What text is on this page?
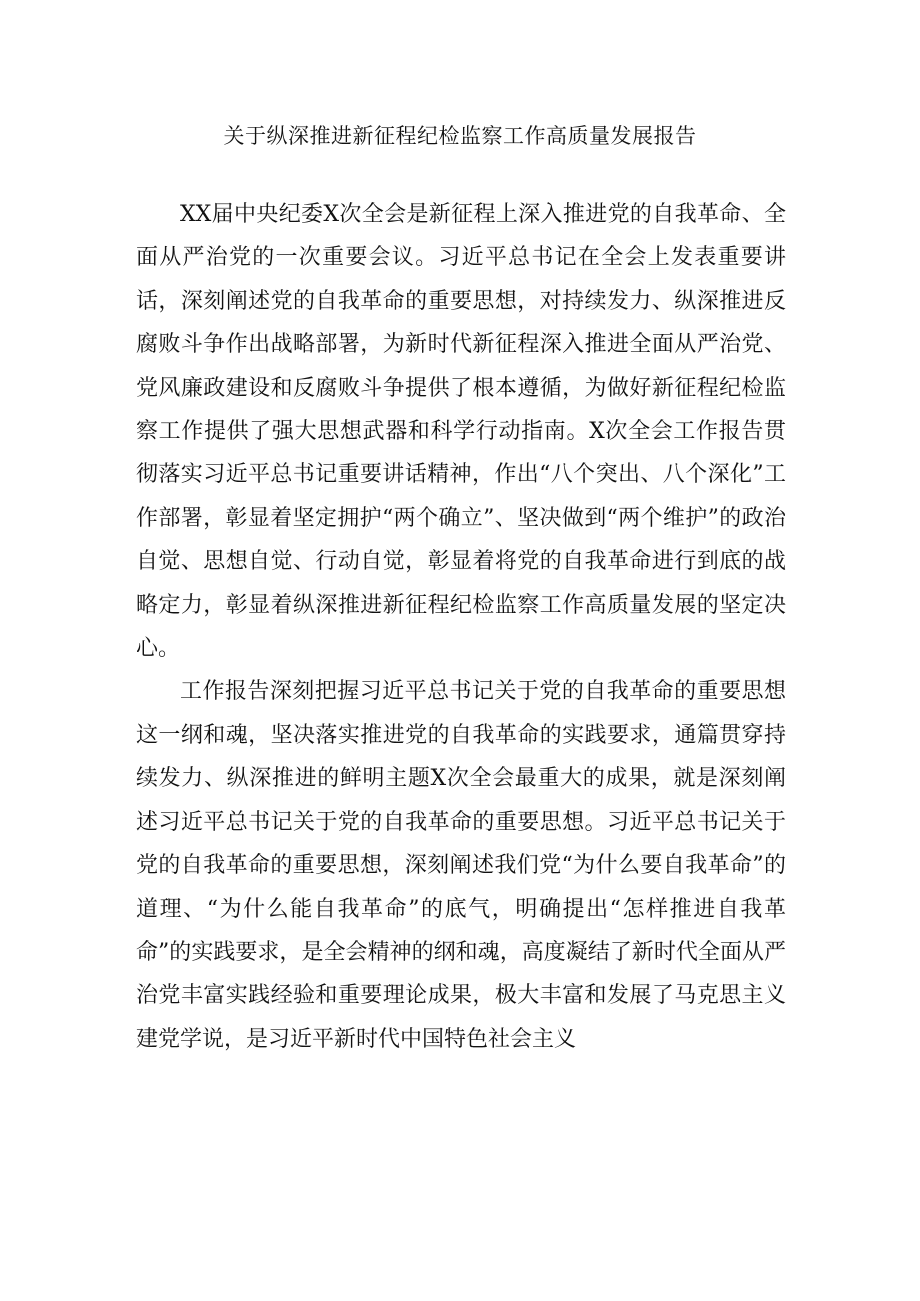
关于纵深推进新征程纪检监察工作高质量发展报告

XX届中央纪委X次全会是新征程上深入推进党的自我革命、全面从严治党的一次重要会议。习近平总书记在全会上发表重要讲话，深刻阐述党的自我革命的重要思想，对持续发力、纵深推进反腐败斗争作出战略部署，为新时代新征程深入推进全面从严治党、党风廉政建设和反腐败斗争提供了根本遵循，为做好新征程纪检监察工作提供了强大思想武器和科学行动指南。X次全会工作报告贯彻落实习近平总书记重要讲话精神，作出“八个突出、八个深化”工作部署，彰显着坚定拥护“两个确立”、坚决做到“两个维护”的政治自觉、思想自觉、行动自觉，彰显着将党的自我革命进行到底的战略定力，彰显着纵深推进新征程纪检监察工作高质量发展的坚定决心。

工作报告深刻把握习近平总书记关于党的自我革命的重要思想这一纲和魂，坚决落实推进党的自我革命的实践要求，通篇贯穿持续发力、纵深推进的鲜明主题X次全会最重大的成果，就是深刻阐述习近平总书记关于党的自我革命的重要思想。习近平总书记关于党的自我革命的重要思想，深刻阐述我们党“为什么要自我革命”的道理、“为什么能自我革命”的底气，明确提出“怎样推进自我革命”的实践要求，是全会精神的纲和魂，高度凝结了新时代全面从严治党丰富实践经验和重要理论成果，极大丰富和发展了马克思主义建党学说，是习近平新时代中国特色社会主义
